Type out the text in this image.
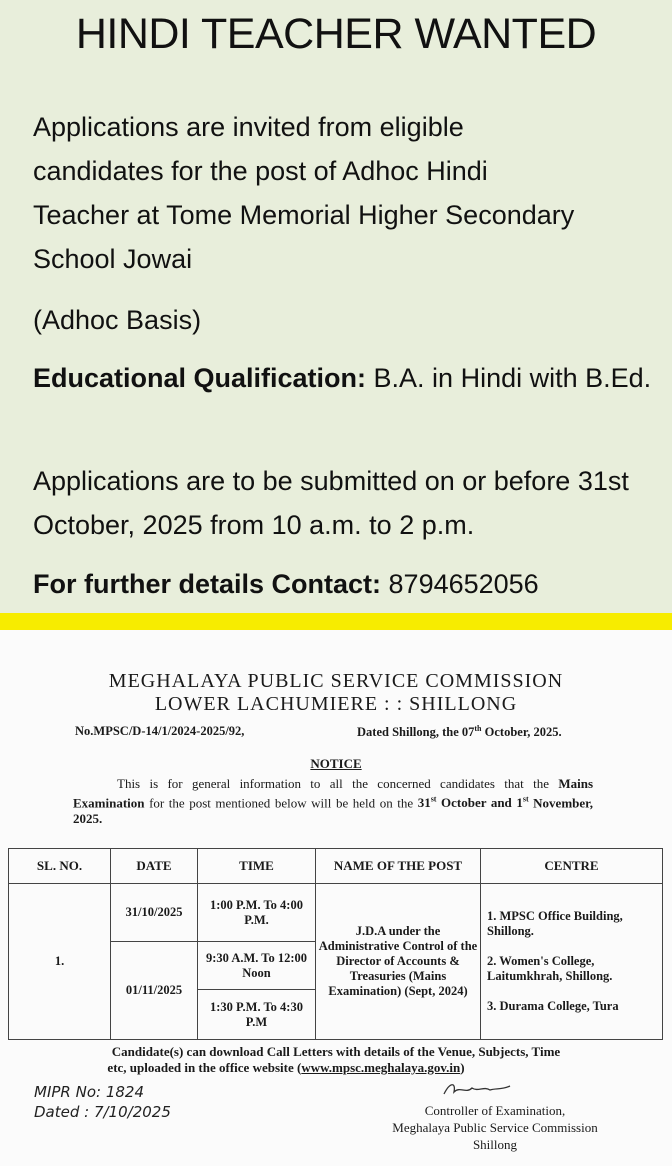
HINDI TEACHER WANTED
Applications are invited from eligible
candidates for the post of Adhoc Hindi
Teacher at Tome Memorial Higher Secondary
School Jowai
(Adhoc Basis)
Educational Qualification: B.A. in Hindi with B.Ed.
Applications are to be submitted on or before 31st October, 2025 from 10 a.m. to 2 p.m.
For further details Contact: 8794652056
MEGHALAYA PUBLIC SERVICE COMMISSION
LOWER LACHUMIERE : : SHILLONG
No.MPSC/D-14/1/2024-2025/92,	Dated Shillong, the 07th October, 2025.
NOTICE
This is for general information to all the concerned candidates that the Mains Examination for the post mentioned below will be held on the 31st October and 1st November, 2025.
SL. NO.	DATE	TIME	NAME OF THE POST	CENTRE
1.	31/10/2025	1:00 P.M. To 4:00 P.M.	J.D.A under the Administrative Control of the Director of Accounts & Treasuries (Mains Examination) (Sept, 2024)	1. MPSC Office Building, Shillong.

2. Women's College, Laitumkhrah, Shillong.

3. Durama College, Tura

	01/11/2025	9:30 A.M. To 12:00 Noon		
		1:30 P.M. To 4:30 P.M		
Candidate(s) can download Call Letters with details of the Venue, Subjects, Time
etc, uploaded in the office website (www.mpsc.meghalaya.gov.in)
MIPR No: 1824
Dated : 7/10/2025	Controller of Examination,
Meghalaya Public Service Commission
Shillong
